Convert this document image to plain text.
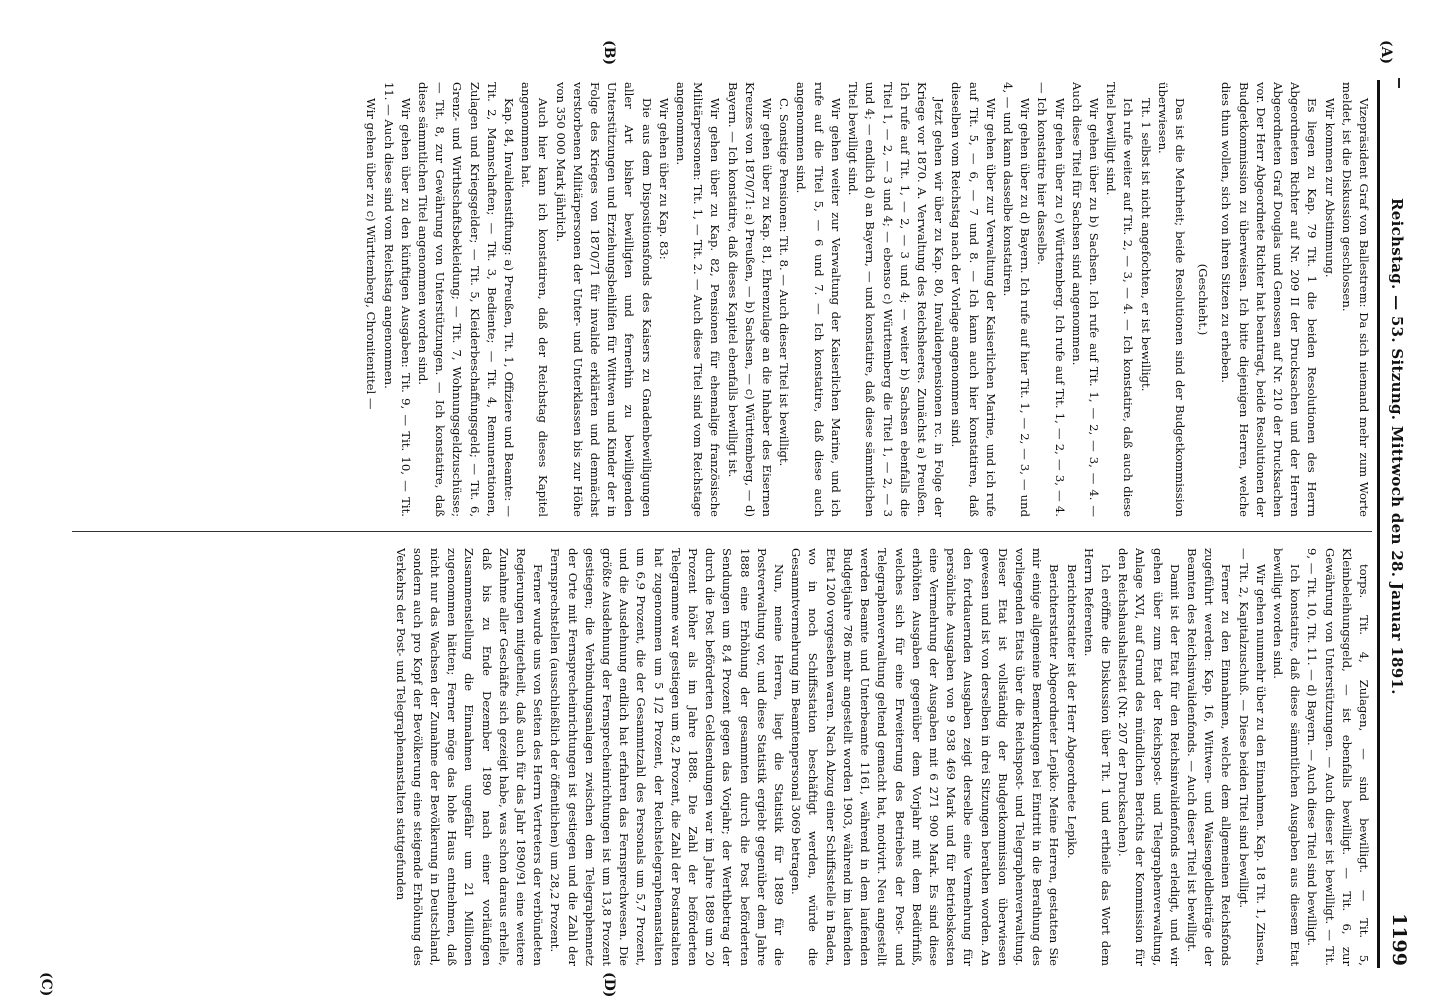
Reichstag. — 53. Sitzung. Mittwoch den 28. Januar 1891.
1199
(A)
(B)
(C)	(D)

Vizepräsident Graf von Ballestrem: Da sich niemand mehr zum Worte meldet, ist die Diskussion geschlossen.

Wir kommen zur Abstimmung.

Es liegen zu Kap. 79 Tit. 1 die beiden Resolutionen des Herrn Abgeordneten Richter auf Nr. 209 II der Drucksachen und der Herren Abgeordneten Graf Douglas und Genossen auf Nr. 210 der Drucksachen vor. Der Herr Abgeordnete Richter hat beantragt, beide Resolutionen der Budgetkommission zu überweisen. Ich bitte diejenigen Herren, welche dies thun wollen, sich von ihren Sitzen zu erheben.

(Geschieht.)

Das ist die Mehrheit; beide Resolutionen sind der Budgetkommission überwiesen.

Tit. 1 selbst ist nicht angefochten, er ist bewilligt.

Ich rufe weiter auf Tit. 2, — 3, — 4. — Ich konstatire, daß auch diese Titel bewilligt sind.

Wir gehen über zu b) Sachsen. Ich rufe auf Tit. 1, — 2, — 3, — 4. — Auch diese Titel für Sachsen sind angenommen.

Wir gehen über zu c) Württemberg. Ich rufe auf Tit. 1, — 2, — 3, — 4. — Ich konstatire hier dasselbe.

Wir gehen über zu d) Bayern. Ich rufe auf hier Tit. 1, — 2, — 3, — und 4, — und kann dasselbe konstatiren.

Wir gehen über zur Verwaltung der Kaiserlichen Marine, und ich rufe auf Tit. 5, — 6, — 7 und 8. — Ich kann auch hier konstatiren, daß dieselben vom Reichstag nach der Vorlage angenommen sind.

Jetzt gehen wir über zu Kap. 80, Invalidenpensionen rc. in Folge der Kriege vor 1870. A. Verwaltung des Reichsheeres. Zunächst a) Preußen. Ich rufe auf Tit. 1, — 2, — 3 und 4; — weiter b) Sachsen ebenfalls die Titel 1, — 2, — 3 und 4; — ebenso c) Württemberg die Titel 1, — 2, — 3 und 4; — endlich d) an Bayern, — und konstatire, daß diese sämmtlichen Titel bewilligt sind.

Wir gehen weiter zur Verwaltung der Kaiserlichen Marine, und ich rufe auf die Titel 5, — 6 und 7. — Ich konstatire, daß diese auch angenommen sind.

C. Sonstige Pensionen: Tit. 8. — Auch dieser Titel ist bewilligt.

Wir gehen über zu Kap. 81, Ehrenzulage an die Inhaber des Eisernen Kreuzes von 1870/71: a) Preußen, — b) Sachsen, — c) Württemberg, — d) Bayern. — Ich konstatire, daß dieses Kapitel ebenfalls bewilligt ist.

Wir gehen über zu Kap. 82, Pensionen für ehemalige französische Militärpersonen: Tit. 1, — Tit. 2. — Auch diese Titel sind vom Reichstage angenommen.

Wir gehen über zu Kap. 83:

Die aus dem Dispositionsfonds des Kaisers zu Gnadenbewilligungen aller Art bisher bewilligten und fernerhin zu bewilligenden Unterstützungen und Erziehungsbeihilfen für Wittwen und Kinder der in Folge des Krieges von 1870/71 für invalide erklärten und demnächst verstorbenen Militärpersonen der Unter- und Unterklassen bis zur Höhe von 350 000 Mark jährlich.

Auch hier kann ich konstatiren, daß der Reichstag dieses Kapitel angenommen hat.

Kap. 84, Invalidenstiftung: a) Preußen, Tit. 1, Offiziere und Beamte: — Tit. 2, Mannschaften; — Tit. 3, Bediente; — Tit. 4, Remunerationen, Zulagen und Kriegsgelder; — Tit. 5, Kleiderbeschaffungsgeld; — Tit. 6, Grenz- und Wirthschaftsbekleidung; — Tit. 7, Wohnungsgeldzuschüsse; — Tit. 8, zur Gewährung von Unterstützungen. — Ich konstatire, daß diese sämmtlichen Titel angenommen worden sind.

Wir gehen über zu den künftigen Ausgaben: Tit. 9, — Tit. 10, — Tit. 11. — Auch diese sind vom Reichstag angenommen.

Wir gehen über zu c) Württemberg, Chronitentitel —

torps. Tit. 4, Zulagen, — sind bewilligt. — Tit. 5, Kleinbeleihungsgeld, — ist ebenfalls bewilligt. — Tit. 6, zur Gewährung von Unterstützungen. — Auch dieser ist bewilligt. — Tit. 9, — Tit. 10, Tit. 11. — d) Bayern. — Auch diese Titel sind bewilligt.

Ich konstatire, daß diese sämmtlichen Ausgaben aus diesem Etat bewilligt worden sind.

Wir gehen nunmehr über zu den Einnahmen. Kap. 18 Tit. 1, Zinsen, — Tit. 2, Kapitalzuschuß. — Diese beiden Titel sind bewilligt.

Ferner zu den Einnahmen, welche dem allgemeinen Reichsfonds zugeführt werden: Kap. 16, Wittwen- und Waisengeldbeiträge der Beamten des Reichsinvalidenfonds. — Auch dieser Titel ist bewilligt.

Damit ist der Etat für den Reichsinvalidenfonds erledigt, und wir gehen über zum Etat der Reichspost- und Telegraphenverwaltung, Anlage XVI, auf Grund des mündlichen Berichts der Kommission für den Reichshaushaltsetat (Nr. 207 der Drucksachen).

Ich eröffne die Diskussion über Tit. 1 und ertheile das Wort dem Herrn Referenten.

Berichterstatter ist der Herr Abgeordnete Lepiko.

Berichterstatter Abgeordneter Lepiko: Meine Herren, gestatten Sie mir einige allgemeine Bemerkungen bei Eintritt in die Berathung des vorliegenden Etats über die Reichspost- und Telegraphenverwaltung. Dieser Etat ist vollständig der Budgetkommission überwiesen gewesen und ist von derselben in drei Sitzungen berathen worden. An den fortdauernden Ausgaben zeigt derselbe eine Vermehrung für persönliche Ausgaben von 9 938 469 Mark und für Betriebskosten eine Vermehrung der Ausgaben mit 6 271 900 Mark. Es sind diese erhöhten Ausgaben gegenüber dem Vorjahr mit dem Bedürfniß, welches sich für eine Erweiterung des Betriebes der Post- und Telegraphenverwaltung geltend gemacht hat, motivirt. Neu angestellt werden Beamte und Unterbeamte 1161, während in dem laufenden Budgetjahre 786 mehr angestellt worden 1903, während im laufenden Etat 1200 vorgesehen waren. Nach Abzug einer Schiffsstelle in Baden, wo in noch Schiffsstation beschäftigt werden, würde die Gesammtvermehrung im Beamtenpersonal 3069 betragen.

Nun, meine Herren, liegt die Statistik für 1889 für die Postverwaltung vor, und diese Statistik ergiebt gegenüber dem Jahre 1888 eine Erhöhung der gesammten durch die Post beförderten Sendungen um 8,4 Prozent gegen das Vorjahr; der Werthbetrag der durch die Post beförderten Geldsendungen war im Jahre 1889 um 20 Prozent höher als im Jahre 1888. Die Zahl der beförderten Telegramme war gestiegen um 8,2 Prozent, die Zahl der Postanstalten hat zugenommen um 5 1/2 Prozent, der Reichstelegraphenanstalten um 6,9 Prozent, die der Gesammtzahl des Personals um 5,7 Prozent, und die Ausdehnung endlich hat erfahren das Fernsprechwesen. Die größte Ausdehnung der Fernsprecheinrichtungen ist um 13,8 Prozent gestiegen; die Verbindungsanlagen zwischen dem Telegraphennetz der Orte mit Fernsprecheinrichtungen ist gestiegen und die Zahl der Fernsprechstellen (ausschließlich der öffentlichen) um 28,2 Prozent.

Ferner wurde uns von Seiten des Herrn Vertreters der verbündeten Regierungen mitgetheilt, daß auch für das Jahr 1890/91 eine weitere Zunahme aller Geschäfte sich gezeigt habe, was schon daraus erhelle, daß bis zu Ende Dezember 1890 nach einer vorläufigen Zusammenstellung die Einnahmen ungefähr um 21 Millionen zugenommen hätten; Ferner möge das hohe Haus entnehmen, daß nicht nur das Wachsen der Zunahme der Bevölkerung in Deutschland, sondern auch pro Kopf der Bevölkerung eine steigende Erhöhung des Verkehrs der Post- und Telegraphenanstalten stattgefunden
